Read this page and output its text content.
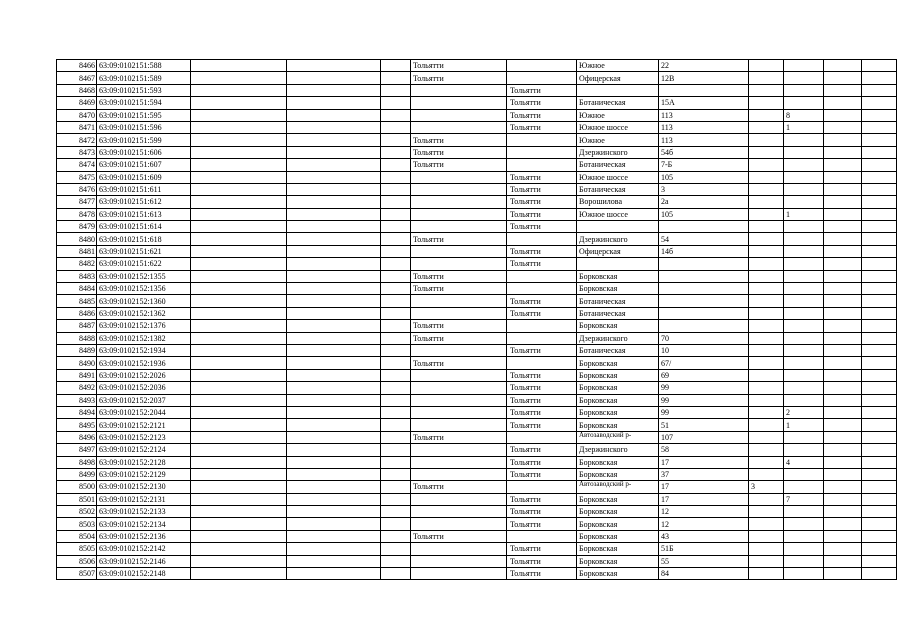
8466	63:09:0102151:588				Тольятти		Южное	22				
8467	63:09:0102151:589				Тольятти		Офицерская	12В				
8468	63:09:0102151:593					Тольятти						
8469	63:09:0102151:594					Тольятти	Ботаническая	15А				
8470	63:09:0102151:595					Тольятти	Южное	113		8		
8471	63:09:0102151:596					Тольятти	Южное шоссе	113		1		
8472	63:09:0102151:599				Тольятти		Южное	113				
8473	63:09:0102151:606				Тольятти		Дзержинского	54б				
8474	63:09:0102151:607				Тольятти		Ботаническая	7-Б				
8475	63:09:0102151:609					Тольятти	Южное шоссе	105				
8476	63:09:0102151:611					Тольятти	Ботаническая	3				
8477	63:09:0102151:612					Тольятти	Ворошилова	2а				
8478	63:09:0102151:613					Тольятти	Южное шоссе	105		1		
8479	63:09:0102151:614					Тольятти						
8480	63:09:0102151:618				Тольятти		Дзержинского	54				
8481	63:09:0102151:621					Тольятти	Офицерская	14б				
8482	63:09:0102151:622					Тольятти						
8483	63:09:0102152:1355				Тольятти		Борковская					
8484	63:09:0102152:1356				Тольятти		Борковская					
8485	63:09:0102152:1360					Тольятти	Ботаническая					
8486	63:09:0102152:1362					Тольятти	Ботаническая					
8487	63:09:0102152:1376				Тольятти		Борковская					
8488	63:09:0102152:1382				Тольятти		Дзержинского	70				
8489	63:09:0102152:1934					Тольятти	Ботаническая	10				
8490	63:09:0102152:1936				Тольятти		Борковская	67/				
8491	63:09:0102152:2026					Тольятти	Борковская	69				
8492	63:09:0102152:2036					Тольятти	Борковская	99				
8493	63:09:0102152:2037					Тольятти	Борковская	99				
8494	63:09:0102152:2044					Тольятти	Борковская	99		2		
8495	63:09:0102152:2121					Тольятти	Борковская	51		1		
8496	63:09:0102152:2123				Тольятти		Автозаводский р-	107				
8497	63:09:0102152:2124					Тольятти	Дзержинского	58				
8498	63:09:0102152:2128					Тольятти	Борковская	17		4		
8499	63:09:0102152:2129					Тольятти	Борковская	37				
8500	63:09:0102152:2130				Тольятти		Автозаводский р-	17	3			
8501	63:09:0102152:2131					Тольятти	Борковская	17		7		
8502	63:09:0102152:2133					Тольятти	Борковская	12				
8503	63:09:0102152:2134					Тольятти	Борковская	12				
8504	63:09:0102152:2136				Тольятти		Борковская	43				
8505	63:09:0102152:2142					Тольятти	Борковская	51Б				
8506	63:09:0102152:2146					Тольятти	Борковская	55				
8507	63:09:0102152:2148					Тольятти	Борковская	84				
